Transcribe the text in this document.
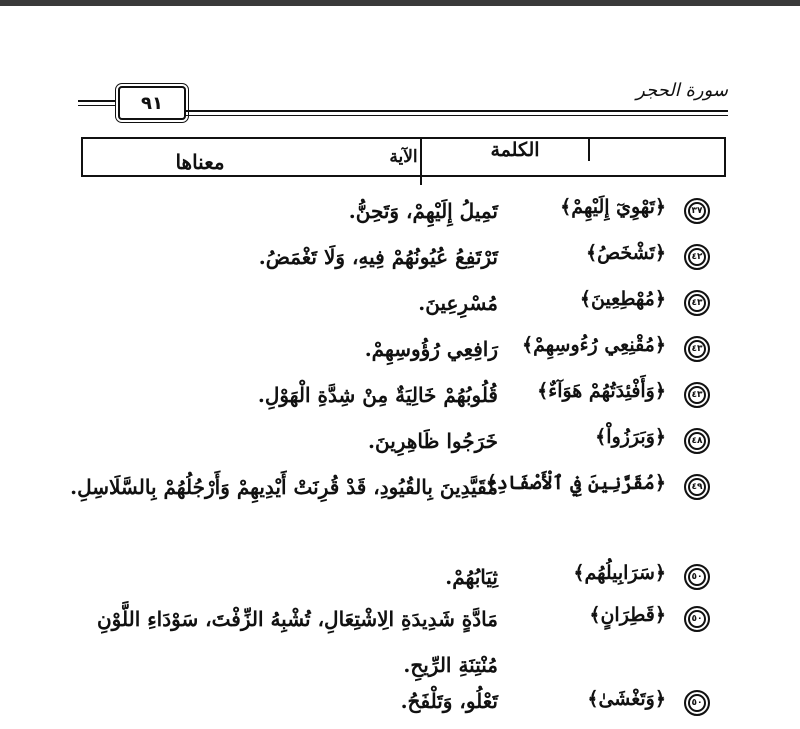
٩١
سورة الحجر
معناها	الكلمة
الآية
٣٧
﴿تَهْوِيٓ إِلَيْهِمْ﴾
تَمِيلُ إِلَيْهِمْ، وَتَحِنُّ.
٤٢
﴿تَشْخَصُ﴾
تَرْتَفِعُ عُيُونُهُمْ فِيهِ، وَلَا تَغْمَضُ.
٤٣
﴿مُهْطِعِينَ﴾
مُسْرِعِينَ.
٤٣
﴿مُقْنِعِي رُءُوسِهِمْ﴾
رَافِعِي رُؤُوسِهِمْ.
٤٣
﴿وَأَفْئِدَتُهُمْ هَوَآءٌ﴾
قُلُوبُهُمْ خَالِيَةٌ مِنْ شِدَّةِ الْهَوْلِ.
٤٨
﴿وَبَرَزُواْ﴾
خَرَجُوا ظَاهِرِينَ.
٤٩
﴿مُقَرَّنِينَ فِي ٱلْأَصْفَادِ﴾
مُقَيَّدِينَ بِالقُيُودِ، قَدْ قُرِنَتْ أَيْدِيهِمْ وَأَرْجُلُهُمْ بِالسَّلَاسِلِ.
٥٠
﴿سَرَابِيلُهُم﴾
ثِيَابُهُمْ.
٥٠
﴿قَطِرَانٍ﴾
مَادَّةٍ شَدِيدَةِ الِاشْتِعَالِ، تُشْبِهُ الزِّفْتَ، سَوْدَاءِ اللَّوْنِ مُنْتِنَةِ الرِّيحِ.
٥٠
﴿وَتَغْشَىٰ﴾
تَعْلُو، وَتَلْفَحُ.
